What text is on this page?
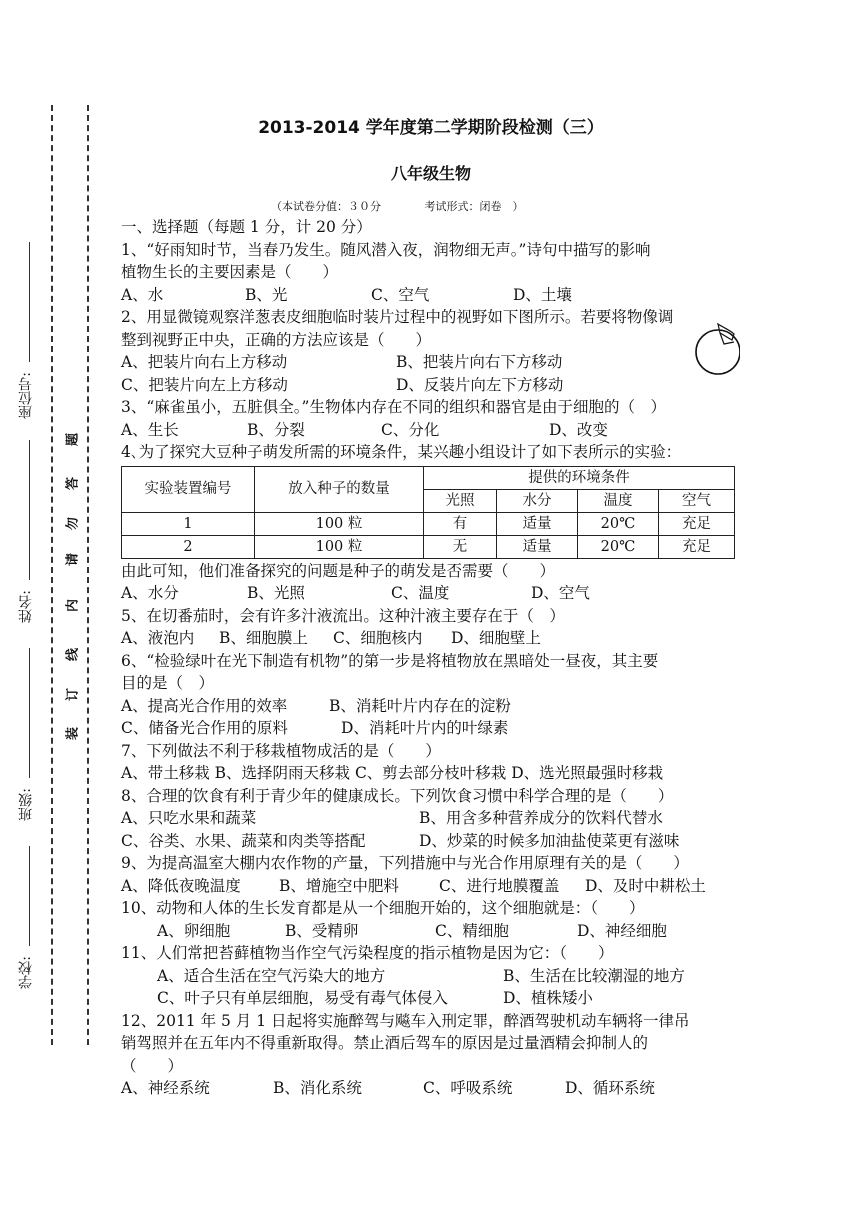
座位号:
姓名:
班级:
学校:
装
订
线
内
请
勿
答
题
2013-2014 学年度第二学期阶段检测（三）
八年级生物
（本试卷分值：３０分	考试形式：闭卷　）
一、选择题（每题 1 分，计 20 分）
1、“好雨知时节，当春乃发生。随风潜入夜，润物细无声。”诗句中描写的影响
植物生长的主要因素是（　　）
A、水	B、光	C、空气	D、土壤
2、用显微镜观察洋葱表皮细胞临时装片过程中的视野如下图所示。若要将物像调
整到视野正中央，正确的方法应该是（　　）
A、把装片向右上方移动	B、把装片向右下方移动
C、把装片向左上方移动	D、反装片向左下方移动
3、“麻雀虽小，五脏俱全。”生物体内存在不同的组织和器官是由于细胞的（　）
A、生长	B、分裂	C、分化	D、改变
4､为了探究大豆种子萌发所需的环境条件，某兴趣小组设计了如下表所示的实验：
实验装置编号	放入种子的数量	提供的环境条件			
		光照	水分	温度	空气
1	100 粒	有	适量	20℃	充足
2	100 粒	无	适量	20℃	充足
由此可知，他们准备探究的问题是种子的萌发是否需要（　　）
A、水分	B、光照	C、温度	D、空气
5、在切番茄时，会有许多汁液流出。这种汁液主要存在于（　）
A、液泡内	B、细胞膜上	C、细胞核内	D、细胞壁上
6、“检验绿叶在光下制造有机物”的第一步是将植物放在黑暗处一昼夜，其主要
目的是（　）
A、提高光合作用的效率	B、消耗叶片内存在的淀粉
C、储备光合作用的原料	D、消耗叶片内的叶绿素
7、下列做法不利于移栽植物成活的是（　　）
A、带土移栽 B、选择阴雨天移栽 C、剪去部分枝叶移栽 D、选光照最强时移栽
8、合理的饮食有利于青少年的健康成长。下列饮食习惯中科学合理的是（　　）
A、只吃水果和蔬菜	B、用含多种营养成分的饮料代替水
C、谷类、水果、蔬菜和肉类等搭配	D、炒菜的时候多加油盐使菜更有滋味
9、为提高温室大棚内农作物的产量，下列措施中与光合作用原理有关的是（　　）
A、降低夜晚温度	B、增施空中肥料	C、进行地膜覆盖	D、及时中耕松土
10、动物和人体的生长发育都是从一个细胞开始的，这个细胞就是：（　　）
A、卵细胞	B、受精卵	C、精细胞	D、神经细胞
11、人们常把苔藓植物当作空气污染程度的指示植物是因为它：（　　）
A、适合生活在空气污染大的地方	B、生活在比较潮湿的地方
C、叶子只有单层细胞，易受有毒气体侵入	D、植株矮小
12、2011 年 5 月 1 日起将实施醉驾与飚车入刑定罪，醉酒驾驶机动车辆将一律吊
销驾照并在五年内不得重新取得。禁止酒后驾车的原因是过量酒精会抑制人的
（　　）
A、神经系统	B、消化系统	C、呼吸系统	D、循环系统
